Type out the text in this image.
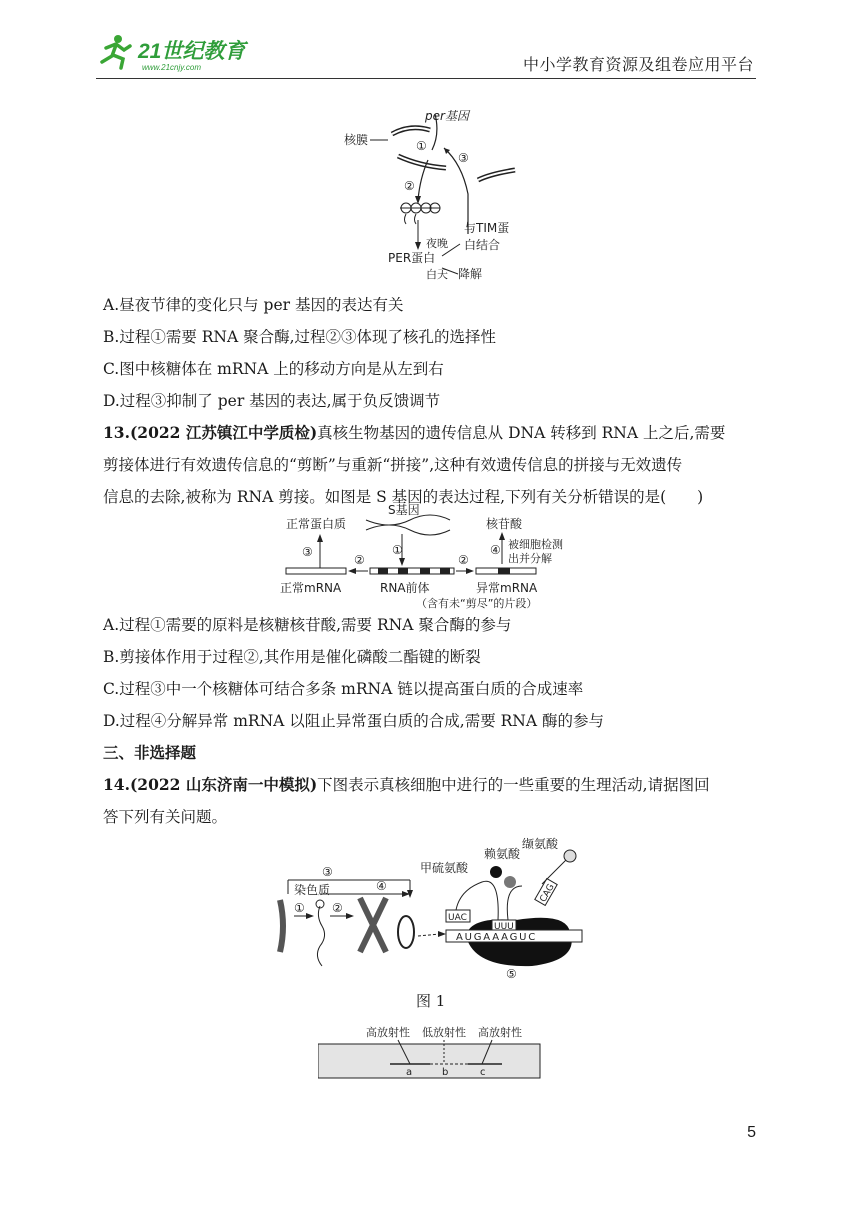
21世纪教育
www.21cnjy.com	中小学教育资源及组卷应用平台
per基因
核膜	①
③
②
与TIM蛋
白结合
PER蛋白
夜晚
白天 降解
A.昼夜节律的变化只与 per 基因的表达有关
B.过程①需要 RNA 聚合酶,过程②③体现了核孔的选择性
C.图中核糖体在 mRNA 上的移动方向是从左到右
D.过程③抑制了 per 基因的表达,属于负反馈调节
13.(2022 江苏镇江中学质检)真核生物基因的遗传信息从 DNA 转移到 RNA 上之后,需要
剪接体进行有效遗传信息的“剪断”与重新“拼接”,这种有效遗传信息的拼接与无效遗传
信息的去除,被称为 RNA 剪接。如图是 S 基因的表达过程,下列有关分析错误的是(　　)
S基因
正常蛋白质	核苷酸
③	①	④ 被细胞检测
出并分解
②	②
正常mRNA	RNA前体	异常mRNA
（含有未“剪尽”的片段）
A.过程①需要的原料是核糖核苷酸,需要 RNA 聚合酶的参与
B.剪接体作用于过程②,其作用是催化磷酸二酯键的断裂
C.过程③中一个核糖体可结合多条 mRNA 链以提高蛋白质的合成速率
D.过程④分解异常 mRNA 以阻止异常蛋白质的合成,需要 RNA 酶的参与
三、非选择题
14.(2022 山东济南一中模拟)下图表示真核细胞中进行的一些重要的生理活动,请据图回
答下列有关问题。
③
染色质	④
① ②
AUGAAAGUC
UAC
UUU
CAG
甲硫氨酸
赖氨酸
缬氨酸
⑤
图 1
高放射性 低放射性 高放射性
a	b	c
5
